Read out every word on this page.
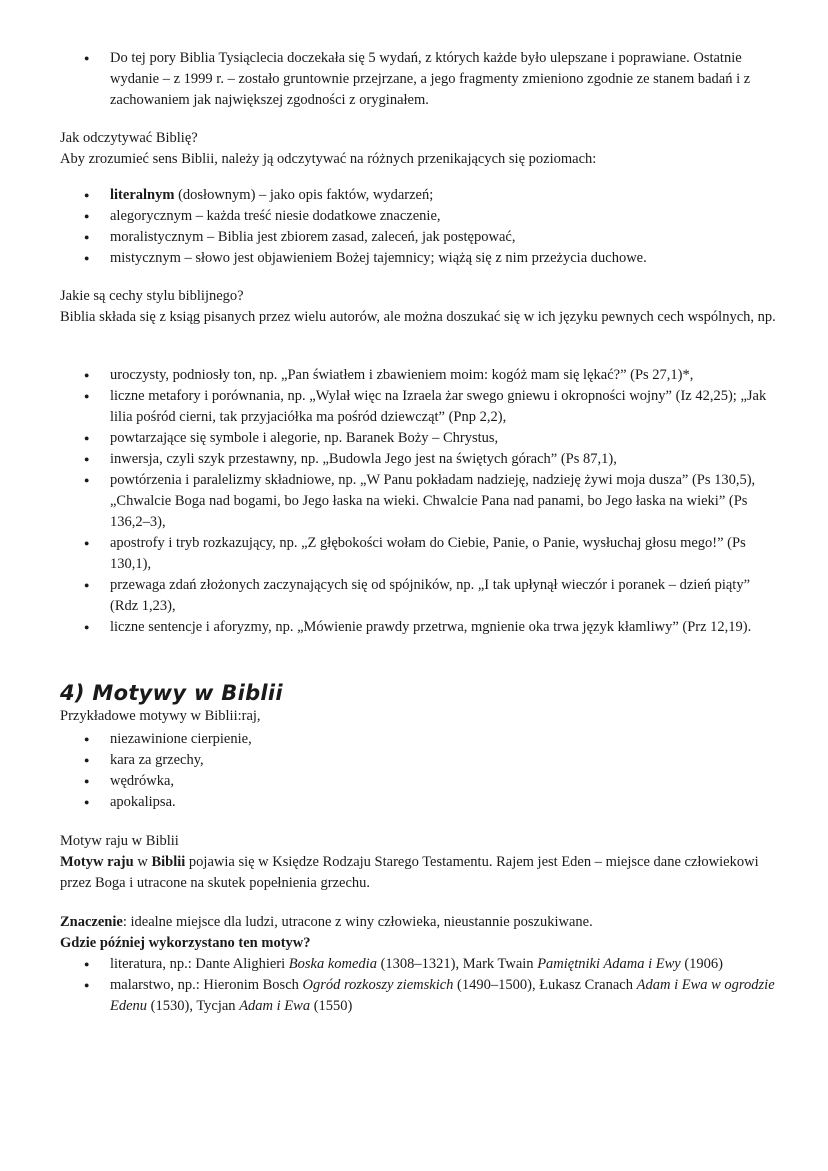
● Do tej pory Biblia Tysiąclecia doczekała się 5 wydań, z których każde było ulepszane i poprawiane. Ostatnie wydanie – z 1999 r. – zostało gruntownie przejrzane, a jego fragmenty zmieniono zgodnie ze stanem badań i z zachowaniem jak największej zgodności z oryginałem.

Jak odczytywać Biblię?

Aby zrozumieć sens Biblii, należy ją odczytywać na różnych przenikających się poziomach:

● literalnym (dosłownym) – jako opis faktów, wydarzeń;
● alegorycznym – każda treść niesie dodatkowe znaczenie,
● moralistycznym – Biblia jest zbiorem zasad, zaleceń, jak postępować,
● mistycznym – słowo jest objawieniem Bożej tajemnicy; wiążą się z nim przeżycia duchowe.

Jakie są cechy stylu biblijnego?

Biblia składa się z ksiąg pisanych przez wielu autorów, ale można doszukać się w ich języku pewnych cech wspólnych, np.

● uroczysty, podniosły ton, np. „Pan światłem i zbawieniem moim: kogóż mam się lękać?” (Ps 27,1)*,
● liczne metafory i porównania, np. „Wylał więc na Izraela żar swego gniewu i okropności wojny” (Iz 42,25); „Jak lilia pośród cierni, tak przyjaciółka ma pośród dziewcząt” (Pnp 2,2),
● powtarzające się symbole i alegorie, np. Baranek Boży – Chrystus,
● inwersja, czyli szyk przestawny, np. „Budowla Jego jest na świętych górach” (Ps 87,1),
● powtórzenia i paralelizmy składniowe, np. „W Panu pokładam nadzieję, nadzieję żywi moja dusza” (Ps 130,5), „Chwalcie Boga nad bogami, bo Jego łaska na wieki. Chwalcie Pana nad panami, bo Jego łaska na wieki” (Ps 136,2–3),
● apostrofy i tryb rozkazujący, np. „Z głębokości wołam do Ciebie, Panie, o Panie, wysłuchaj głosu mego!” (Ps 130,1),
● przewaga zdań złożonych zaczynających się od spójników, np. „I tak upłynął wieczór i poranek – dzień piąty” (Rdz 1,23),
● liczne sentencje i aforyzmy, np. „Mówienie prawdy przetrwa, mgnienie oka trwa język kłamliwy” (Prz 12,19).
4) Motywy w Biblii

Przykładowe motywy w Biblii:raj,

● niezawinione cierpienie,
● kara za grzechy,
● wędrówka,
● apokalipsa.

Motyw raju w Biblii

Motyw raju w Biblii pojawia się w Księdze Rodzaju Starego Testamentu. Rajem jest Eden – miejsce dane człowiekowi przez Boga i utracone na skutek popełnienia grzechu.

Znaczenie: idealne miejsce dla ludzi, utracone z winy człowieka, nieustannie poszukiwane.

Gdzie później wykorzystano ten motyw?

● literatura, np.: Dante Alighieri Boska komedia (1308–1321), Mark Twain Pamiętniki Adama i Ewy (1906)
● malarstwo, np.: Hieronim Bosch Ogród rozkoszy ziemskich (1490–1500), Łukasz Cranach Adam i Ewa w ogrodzie Edenu (1530), Tycjan Adam i Ewa (1550)
